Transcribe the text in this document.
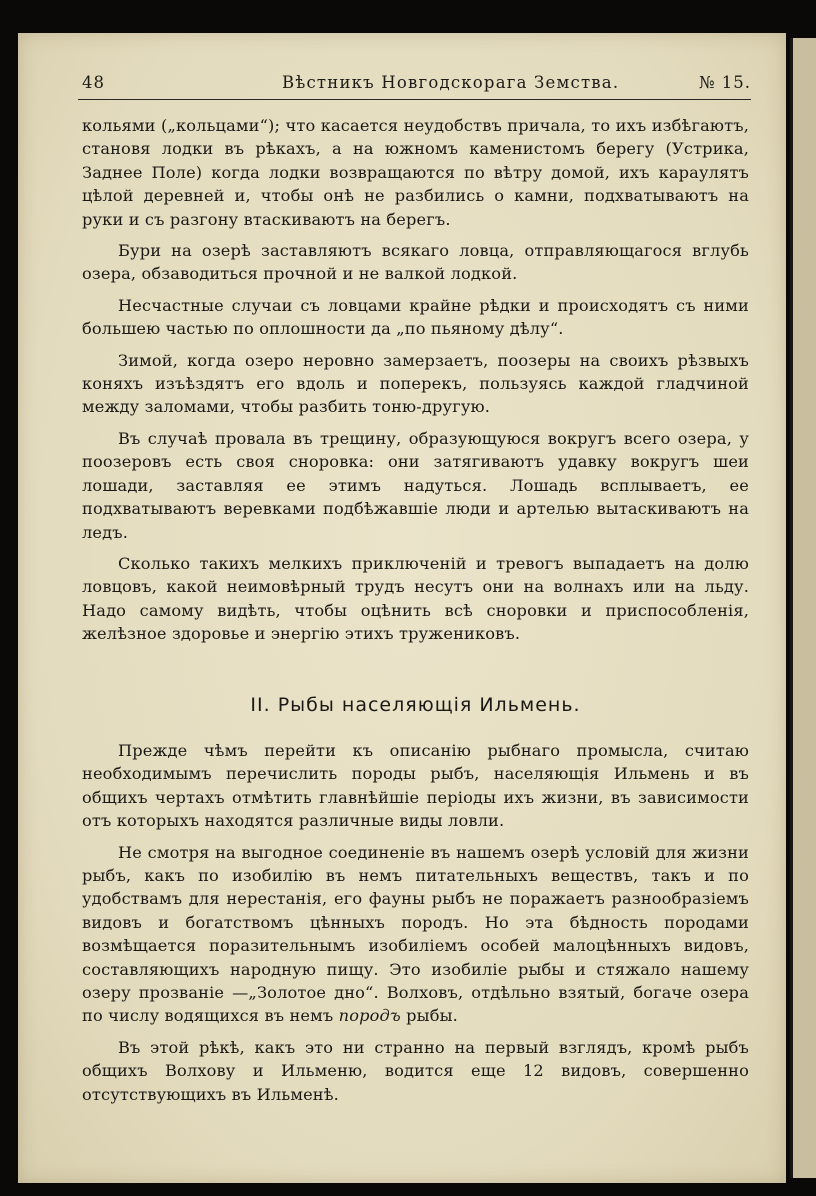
48	Вѣстникъ Новгодскорага Земства.	№ 15.

кольями („кольцами“); что касается неудобствъ причала, то ихъ избѣгаютъ, становя лодки въ рѣкахъ, а на южномъ каменистомъ берегу (Устрика, Заднее Поле) когда лодки возвращаются по вѣтру домой, ихъ караулятъ цѣлой деревней и, чтобы онѣ не разбились о камни, подхватываютъ на руки и съ разгону втаскиваютъ на берегъ.

Бури на озерѣ заставляютъ всякаго ловца, отправляющагося вглубь озера, обзаводиться прочной и не валкой лодкой.

Несчастные случаи съ ловцами крайне рѣдки и происходятъ съ ними большею частью по оплошности да „по пьяному дѣлу“.

Зимой, когда озеро неровно замерзаетъ, поозеры на своихъ рѣзвыхъ коняхъ изъѣздятъ его вдоль и поперекъ, пользуясь каждой гладчиной между заломами, чтобы разбить тоню-другую.

Въ случаѣ провала въ трещину, образующуюся вокругъ всего озера, у поозеровъ есть своя сноровка: они затягиваютъ удавку вокругъ шеи лошади, заставляя ее этимъ надуться. Лошадь всплываетъ, ее подхватываютъ веревками подбѣжавшіе люди и артелью вытаскиваютъ на ледъ.

Сколько такихъ мелкихъ приключеній и тревогъ выпадаетъ на долю ловцовъ, какой неимовѣрный трудъ несутъ они на волнахъ или на льду. Надо самому видѣть, чтобы оцѣнить всѣ сноровки и приспособленія, желѣзное здоровье и энергію этихъ тружениковъ.

II. Рыбы населяющія Ильмень.

Прежде чѣмъ перейти къ описанію рыбнаго промысла, считаю необходимымъ перечислить породы рыбъ, населяющія Ильмень и въ общихъ чертахъ отмѣтить главнѣйшіе періоды ихъ жизни, въ зависимости отъ которыхъ находятся различные виды ловли.

Не смотря на выгодное соединеніе въ нашемъ озерѣ условій для жизни рыбъ, какъ по изобилію въ немъ питательныхъ веществъ, такъ и по удобствамъ для нерестанія, его фауны рыбъ не поражаетъ разнообразіемъ видовъ и богатствомъ цѣнныхъ породъ. Но эта бѣдность породами возмѣщается поразительнымъ изобиліемъ особей малоцѣнныхъ видовъ, составляющихъ народную пищу. Это изобиліе рыбы и стяжало нашему озеру прозваніе —„Золотое дно“. Волховъ, отдѣльно взятый, богаче озера по числу водящихся въ немъ породъ рыбы.

Въ этой рѣкѣ, какъ это ни странно на первый взглядъ, кромѣ рыбъ общихъ Волхову и Ильменю, водится еще 12 видовъ, совершенно отсутствующихъ въ Ильменѣ.
